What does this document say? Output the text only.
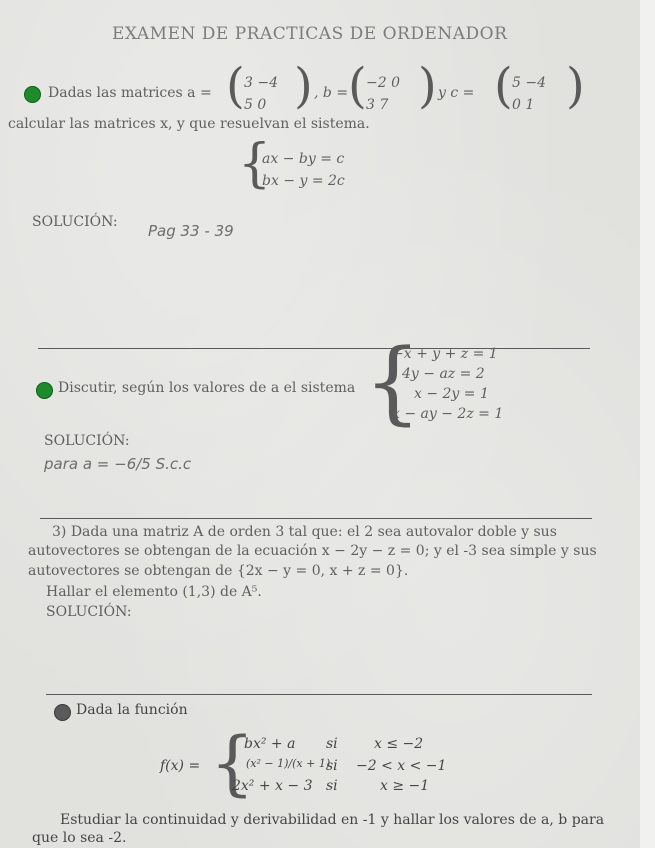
EXAMEN DE PRACTICAS DE ORDENADOR
Dadas las matrices a = ( 3 −4
5 0 ) , b = ( −2 0
3 7 ) y c = ( 5 −4
0 1 )
calcular las matrices x, y que resuelvan el sistema.
{
ax − by = c
bx − y = 2c
SOLUCIÓN: Pag 33 - 39
Discutir, según los valores de a el sistema {
−x + y + z = 1
4y − az = 2
x − 2y = 1
x − ay − 2z = 1
SOLUCIÓN:
para a = −6/5 S.c.c
3) Dada una matriz A de orden 3 tal que: el 2 sea autovalor doble y sus
autovectores se obtengan de la ecuación x − 2y − z = 0; y el -3 sea simple y sus
autovectores se obtengan de {2x − y = 0, x + z = 0}.
Hallar el elemento (1,3) de A⁵.
SOLUCIÓN:
Dada la función
f(x) = {
bx² + a si	x ≤ −2
(x² − 1)/(x + 1)
si −2 < x < −1
2x² + x − 3 si	x ≥ −1
Estudiar la continuidad y derivabilidad en -1 y hallar los valores de a, b para
que lo sea -2.
